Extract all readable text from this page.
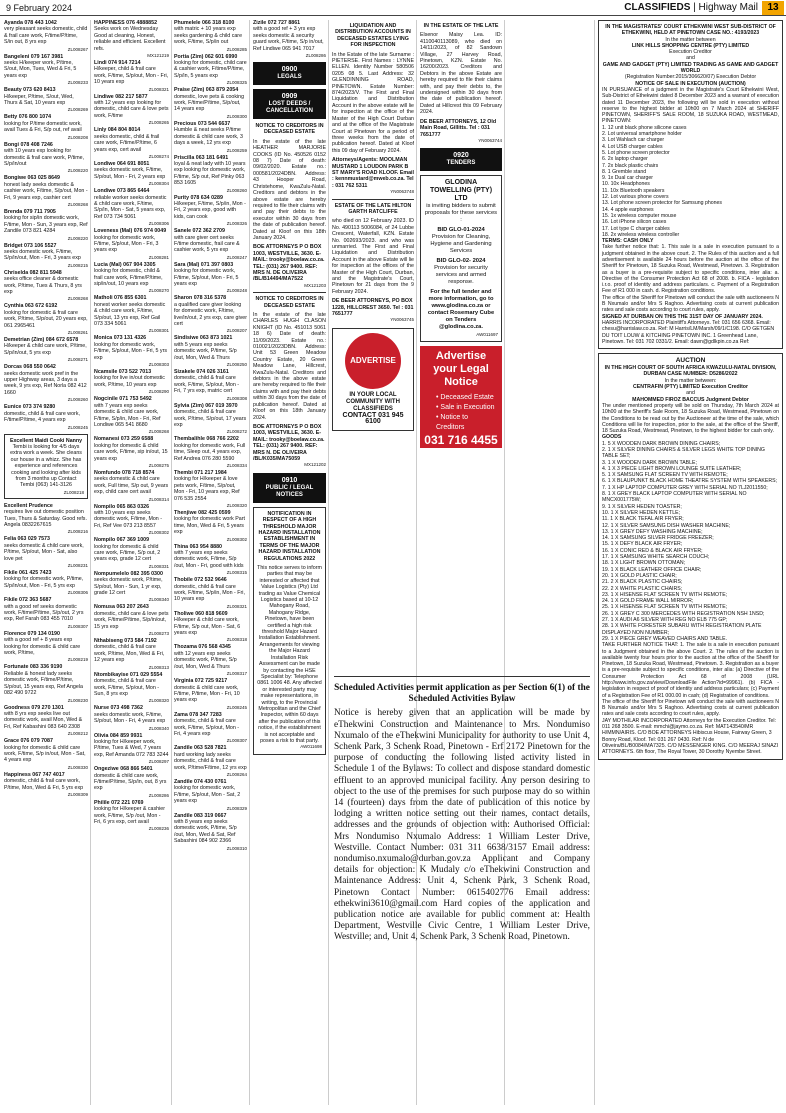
9 February 2024	CLASSIFIEDS | Highway Mail 13
Ayanda 078 443 1042
very pleasant seeks domestic, child & frail care work, F/time/P/time, S/in out, 8 yrs exp
ZL008267
Bangeleni 079 167 3981
seeks H/keeper work, P/time, S/out, Mon, Tues, Wed & Fri, 5 years exp
ZL008233
Beauty 073 620 8413
H/keeper, P/time, S/out, Wed, Thurs & Sat, 10 years exp
ZL008269
Betty 076 800 1074
looking for P/time domestic work, avail Tues & Fri, S/p out, ref avail
ZL008208
Bongi 078 408 7246
with 10 years exp looking for domestic & frail care work, P/time, S/p/in/out
ZL008220
Bongiwe 063 025 8649
honest lady seeks domestic & cashier work, F/time, S/p/out, Mon - Fri, 9 years exp, cashier cert
ZL008268
Brenda 079 711 7905
looking for sip/in domestic work, F/time, Mon - Sun, 3 years exp, Ref Zandile 073 821 4284
ZL008220
Bridget 073 106 5527
seeks domestic work, F/time, S/p/in/out, Mon - Fri, 3 years exp
ZL008215
Chriselda 082 811 5948
seeks office cleaner & domestic work, P/time, Tues & Thurs, 8 yrs exp
ZL008268
Cynthia 063 672 6192
looking for domestic & frail care work, P/time, S/p/out, 20 years exp, 061 2965461
ZL008261
Demetrian (Zim) 084 672 6578
H/keeper & child care work, P/time, S/p/in/out, 5 yrs exp
ZL008271
Dorcas 068 550 0642
seeks domestic work pref in the upper Highway areas, 3 days a week, 9 yrs exp, Ref Norla 082 412 1660
ZL008260
Eunice 073 374 9280
domestic, child & frail care work, F/time/P/time, 4 years exp
ZL008245
Excellent Maidi Cooki Nanny
Tembi is looking for 4/5 days extra work a week. She cleans our house in a whizz. She has experience and references cooking and looking after kids from 3 months up Contact Tembi (063) 141-3126
ZL008218
Excellent Prudence
requires live out domestic position Tues, Thurs & Saturday. Good refs. Angela 0832267615
ZL008216
Felia 063 029 7573
seeks domestic & child care work, P/time, S/p/out, Mon - Sat, also love pet
ZL008231
Fikile 061 425 7423
looking for domestic work, P/time, S/p/in/out, Mon - Fri, 5 yrs exp
ZL008306
Fikile 072 363 5687
with a good ref seeks domestic work, F/time/P/time, S/p/out, 2 yrs exp, Ref Farah 083 455 7010
ZL008307
Florence 079 134 0190
with a good ref + 8 years exp looking for domestic & child care work, P/time,
ZL008219
Fortunate 083 336 9190
Reliable & honest lady seeks domestic work, F/time/P/time, S/p/out, 15 years exp, Ref Angela 082 490 9722
ZL008230
Goodness 079 270 1301
with 8 yrs exp seeks live out domestic work, avail Mon, Wed & Fri, Ref Kabashini 083 640 2308
ZL008212
Grace 076 079 7087
looking for domestic & child care work, F/time, S/p in/out, Mon - Sat, 4 years exp
ZL008330
Happiness 067 747 4017
domestic, child & frail care work, P/time, Mon, Wed & Fri, 5 yrs exp
ZL008309
HAPPINESS 076 4888852
Seeks work on Wednesday Good at cleaning, Honest, reliable and efficient. Excellent refs.
MX121219
Lindi 074 914 7214
H/keeper, child & frail care work, F/time, S/p/out, Mon - Fri, 10 years exp
ZL008321
Lindiwe 082 217 5877
with 12 years exp looking for domestic, child care & love pets work, F/time
ZL008265
Linly 084 804 8014
seeks domestic, child & frail care work, F/time/P/time, 6 years exp, cert avail
ZL008274
Londiwe 064 691 8051
seeks domestic work, F/time, S/p/out, Mon - Fri, 2 years exp
ZL008304
Londiwe 073 865 6464
reliable worker seeks domestic & child care work, F/time, S/p/in, Mon - Sat, 5 years exp, Ref 073 734 5061
ZL008306
Loveness (Mal) 076 974 0049
looking for domestic work, F/time, S/p/out, Mon - Fri, 3 years exp
ZL008281
Lucia (Mal) 067 904 3305
looking for domestic, child & frail care work, F/time/P/time, sip/in/out, 10 years exp
ZL008270
Matholi 076 855 6301
honest worker seeks domestic & child care work, F/time, S/p/out, 13 yrs exp, Ref Gail 073 334 5061
ZL008301
Monica 073 131 4326
looking for domestic work, F/time, S/p/out, Mon - Fri, 5 yrs exp
ZL008303
Ncamsile 073 522 7013
looking for live in/out domestic work, P/time, 10 years exp
ZL008290
Nogcinile 071 753 5492
with 7 years exp seeks domestic & child care work, F/time, S/p/in, Mon - Fri, Ref Londiwe 065 541 8680
ZL008268
Nomanesi 073 259 6588
looking for domestic & child care work, F/time, sip in/out, 15 years exp
ZL008275
Nomfundo 078 718 8574
seeks domestic & child care work, Full time, S/p out, 9 years exp, child care cert avail
ZL008314
Nompilo 065 863 0326
with 10 years exp seeks domestic work, F/time, Mon - Fri, Ref Vee 073 213 8557
ZL008302
Nompilo 067 369 1009
looking for domestic & child care work, F/time, S/p out, 2 years exp, grade 12 cert
ZL008331
Nompumelelo 082 395 0300
seeks domestic work, P/time, S/p/out, Mon - Sun, 1 yr exp, grade 12 cert
ZL008340
Nomusa 063 207 2643
domestic, child care & love pets work, F/time/P/time, S/p/in/out, 15 yrs exp
ZL008273
Nthabiseng 073 584 7192
domestic, child & frail care work, P/time, Mon, Wed & Fri, 12 years exp
ZL008313
Ntombikayise 071 029 5554
domestic, child & frail care work, F/time, S/p/out, Mon - Sun, 8 yrs exp
ZL008320
Nurse 073 498 7362
seeks domestic work, F/time, S/p/out, Mon - Fri, 4 years exp
ZL008340
Olivia 084 859 9931
looking for H/keeper work, P/time, Tues & Wed, 7 years exp, Ref Amanda 072 783 3244
ZL008297
Ongeziwe 068 866 5401
domestic & child care work, F/time/P/time, S/p/in, out, 8 yrs exp
ZL008286
Philile 072 221 0769
looking for H/keeper & cashier work, F/time, S/p /out, Mon - Fri, 6 yrs exp, cert avail
ZL008236
Phumelele 066 318 8100
with matric + 10 years exp seeks gardening & child care work, F/time, S/p/in out
ZL008285
Portia (Zim) 062 601 6990
looking for domestic, child care & cashier work, F/time/P/time, S/p/in, 5 years exp
ZL008325
Praise (Zim) 063 879 2054
domestic, love pets & cooking work, F/time/P/time, S/p/out, 14 years exp
ZL008300
Precious 073 544 6637
Humble & neat seeks P/time domestic & child care work, 3 days a week, 12 yrs exp
ZL008259
Priscilla 063 181 6491
loyal & neat lady with 10 years exp looking for domestic work, F/time, S/p out, Ref Pinky 063 853 1605
ZL008260
Purity 078 634 0289
H/keeper, F/time, S/p/in, Mon - Fri, 2 years exp, good with kids, can cook
ZL008326
Sanele 072 362 2709
with care giver cert seeks F/time domestic, frail care & cashier work, 5 yrs exp
ZL008247
Sara (Mal) 071 397 0803
looking for domestic work, F/time, S/p/out, Mon - Fri, 5 years exp
ZL008248
Sharon 078 316 5378
a qualified care giver looking for domestic work, F/time, live/in/out, 2 yrs exp, care giver cert
ZL008207
Sindisiwe 063 873 1021
with 5 years exp seeks domestic work, P/time, S/p /out, Mon, Wed & Thurs
ZL008250
Sizakele 074 026 3161
domestic, child & frail care work, F/time, S/p/out, Mon - Fri, 7 yrs exp, matric cert
ZL008308
Sylvia (Zim) 067 019 3970
domestic, child & frail care work, P/time, S/p/out, 17 years exp
ZL008272
Thembalihle 068 766 2202
looking for domestic work, Full time, Sleep out, 4 years exp, Ref Andrea 076 280 5590
ZL008334
Thembi 071 217 1984
looking for H/keeper & love pets work, F/time, S/p/out, Mon - Fri, 10 years exp, Ref 076 535 2554
ZL008320
Thenjiwe 082 425 0599
looking for domestic work Part time, Mon, Wed & Fri, 5 years exp
ZL008302
Thina 063 954 8880
with 7 years exp seeks domestic work, F/time, S/p /out, Mon - Fri, good with kids
ZL008315
Thobile 072 532 9646
domestic, child & frail care work, F/time, S/p/in, Mon - Fri, 10 years exp
ZL008321
Tholiwe 060 818 9609
H/keeper & child care work, F/time, S/p out, Mon - Sat, 6 years exp
ZL008318
Thozama 076 568 4345
with 12 years exp seeks domestic work, P/time, S/p /out, Mon, Wed & Thurs
ZL008317
Virginia 072 725 9217
domestic & child care work, F/time, P/time, Mon - Fri, 10 years exp
ZL008245
Zama 078 347 7283
domestic, child & frail care work, F/time, S/p/out, Mon - Fri, 4 years exp
ZL008307
Zandile 063 528 7821
hard working lady seeks domestic, child & frail care work, P/time/F/time, 12 yrs exp
ZL008264
Zandile 074 430 0761
looking for domestic work, F/time, S/p/out, Mon - Sat, 2 years exp
ZL008329
Zandile 083 319 0667
with 8 years exp seeks domestic work, P/time, S/p /out, Mon, Wed & Sat, Ref Sabashini 084 902 2366
ZL008310
Zizile 072 727 8861
with a good ref + 3 yrs exp seeks domestic & security guard work, F/time, S/p in/out, Ref Lindiwe 065 941 7017
ZL008286
0900
LEGALS
0909
LOST DEEDS / CANCELLATION
NOTICE TO CREDITORS IN DECEASED ESTATE
In the estate of the late HEATHER MARJORIE COOKS (ID No. 450526 0152 08 7) Date of death: 09/02/2020. Estate no.: 000581/2024DBN. Address: 43 Hooper Road, Christehome, KwaZulu-Natal. Creditors and debtors in the above estate are hereby required to file their claims with and pay their debts to the executor within 30 days from the date of publication hereof. Dated at Kloof on this 18th January 2024.
BOE ATTORNEYS P O BOX 1003, WESTVILLE, 3630. E- MAIL: trooky@boelaw.co.za. TEL: (031) 267 9400. REF: MRS N. DE OLIVEIRA /BL/B14494/MA7522
MX121203
NOTICE TO CREDITORS IN DECEASED ESTATE
In the estate of the late CHARLES HUGH CLASON KNIGHT (ID No. 451013 5061 18 6) Date of death: 11/09/2023. Estate no.: 010021/2023DBN. Address: Unit 53 Green Meadow Country Estate, 20 Green Meadow Lane, Hillcrest, KwaZulu-Natal. Creditors and debtors in the above estate are hereby required to file their claims with and pay their debts within 30 days from the date of publication hereof. Dated at Kloof on this 18th January 2024.
BOE ATTORNEYS P O BOX 1003, WESTVILLE, 3630. E- MAIL: trooky@boelaw.co.za. TEL: (031) 267 9400. REF: MRS N. DE OLIVEIRA /BL/K035/MA75059
MX121202
0910
PUBLIC / LEGAL NOTICES
NOTIFICATION IN RESPECT OF A HIGH THRESHOLD MAJOR HAZARD INSTALLATION ESTABLISHMENT IN TERMS OF THE MAJOR HAZARD INSTALLATION REGULATIONS 2022
This notice serves to inform parties that may be interested or affected that Value Logistics (Pty) Ltd trading as Value Chemical Logistics based at 10-12 Mahogany Road, Mahogany Ridge, Pinetown, have been certified a high risk threshold Major Hazard Installation Establishment. Arrangements for viewing the Major Hazard Installation Risk Assessment can be made by contacting the HSE Specialist by: Telephone 0861 1006 48. Any affected or interested party may make representations, in writing, to the Provincial Metropolitan and the Chief Inspector, within 60 days after the publication of this notice, if the establishment is not acceptable and poses a risk to that party.
AW011698
LIQUIDATION AND DISTRIBUTION ACCOUNTS IN DECEASED ESTATES LYING FOR INSPECTION
In the Estate of the late Surname : PIETERSE. First Names : LYNNE ELLEN. Identity Number 580506 0205 08 5. Last Address: 32 GLENDINNING ROAD, PINETOWN. Estate Number: 874/2023/V. The First and Final Liquidation and Distribution Account in the above estate will lie for inspection at the office of the Master of the High Court Durban and at the office of the Magistrate Court at Pinetown for a period of three weeks from the date of publication hereof. Dated at Kloof this 09 day of February 2024.
Attorneys/Agents: MOOLMAN MUSTARD 1 LOUDON PARK B ST MARY'S ROAD KLOOF. Email : kennmustard@mweb.co.za. Tel : 031 762 5311
YN0063748
ESTATE OF THE LATE HILTON GARTH RATCLIFFE
who died on 12 February 2023. ID No. 490113 5006084, of 24 Lubbe Crescent, Waterfall, KZN. Estate No. 002693/2023. and who was unmarried. The First and Final Liquidation and Distribution Account in the above Estate will lie for inspection at the offices of the Master of the High Court, Durban, and the Magistrate's Court, Pinetown for 21 days from the 9 February 2024.
DE BEER ATTORNEYS, PO BOX 1228, HILLCREST 3650. Tel : 031 7651777
YN0063745
ADVERTISE
IN YOUR LOCAL COMMUNITY WITH CLASSIFIEDS
CONTACT 031 945 6100
IN THE ESTATE OF THE LATE
Elsenor Maisy Lea. ID: 4110040113089, who died on 14/11/2023, of 82 Sandown Village, 27 Harvey Road, Pinetown, KZN. Estate No. 16200/2023. Creditors and Debtors in the above Estate are hereby required to file their claims with, and pay their debts to, the undersigned within 30 days from the date of publication hereof. Dated at Hillcrest this 09 February 2024.
DE BEER ATTORNEYS, 12 Old Main Road, Gillitts. Tel : 031 7651777
YN0063744
0920
TENDERS
GLODINA TOWELLING (PTY) LTD
is inviting bidders to submit proposals for these services :
BID GLO-01-2024
Provision for Cleaning, Hygiene and Gardening Services
BID GLO-02- 2024
Provision for security services and armed response.
For the full tender and more information, go to www.glodina.co.za or contact Rosemary Cube on Tenders @glodina.co.za.
AW011697
Advertise your Legal Notice
• Deceased Estate
• Sale in Execution
• Notice to Creditors
031 716 4455
Scheduled Activities permit application as per Section 6(1) of the Scheduled Activities Bylaw
Notice is hereby given that an application will be made by eThekwini Construction and Maintenance to Mrs. Nondumiso Nxumalo of the eThekwini Municipality for authority to use Unit 4, Schenk Park, 3 Schenk Road, Pinetown - Erf 2172 Pinetown for the purpose of conducting the following listed activity listed in Schedule 1 of the Bylaws: To collect and dispose standard domestic effluent to an approved municipal facility. Any person desiring to object to the use of the premises for such purpose may do so within 14 (fourteen) days from the date of publication of this notice by lodging a written notice setting out their names, contact details, addresses and the grounds of objection with: Authorised Official: Mrs Nondumiso Nxumalo Address: 1 William Lester Drive, Westville. Contact Number: 031 311 6638/3157 Email address: nondumiso.nxumalo@durban.gov.za Applicant and Company details for objection: K Mudaly c/o eThekwini Construction and Maintenance Address: Unit 4, Schenk Park, 3 Schenk Road, Pinetown Contact Number: 0615402776 Email address: ethekwini3610@gmail.com Hard copies of the application and publication notice are available for public comment at: Health Department, Westville Civic Centre, 1 William Lester Drive, Westville; and, Unit 4, Schenk Park, 3 Schenk Road, Pinetown.
IN THE MAGISTRATES' COURT ETHEKWINI WEST SUB-DISTRICT OF ETHEKWINI, HELD AT PINETOWN CASE NO.: 4193/2023
In the matter between
LINK HILLS SHOPPING CENTRE (PTY) LIMITED
Execution Creditor
and
GAME AND GADGET (PTY) LIMITED TRADING AS GAME AND GADGET WORLD
(Registration Number:2015/306620/07) Execution Debtor
NOTICE OF SALE IN EXECUTION (AUCTION)
IN PURSUANCE of a judgment in the Magistrate's Court Ethekwini West, Sub-District of Ethekwini dated 8 December 2023 and a warrant of execution dated 11 December 2023, the following will be sold in execution without reserve to the highest bidder at 10h00 on 7 March 2024 at SHERIFF PINETOWN, SHERIFF'S SALE ROOM, 18 SUZUKA ROAD, WESTMEAD, PINETOWN:
1. 12 unit black phone silicone cases
2. Lot universal smartphone holder
3. Lot Wahlach car charger
4. Lot USB charger cables
5. Lot phone screen protector
6. 2x laptop charger
7. 2x black plastic chairs
8. 1 Gremble stand
9. 1x Dual car charger
10. 10x Headphones
11. 10x Bluetooth speakers
12. Lot various phone covers
13. Lot phone screen protector for Samsung phones
14. 4 apple earphones
15. 1x wireless computer mouse
16. Lot iPhone silicon cases
17. Lot type C charger cables
18. 2x wireless wireless controller
TERMS: CASH ONLY
Take further notice that: 1. This sale is a sale in execution pursuant to a judgment obtained in the above court. 2. The Rules of this auction and a full advertisement is available 24 hours before the auction at the office of the Sheriff for Pinetown, 18 Suzuka Road, Westmead, Pinetown. 3. Registration as a buyer is a pre-requisite subject to specific conditions, inter alia: a. Directive of the Consumer Protection Act 68 of 2008. b. FICA - legislation i.r.o. proof of identity and address particulars. c. Payment of a Registration Fee of R1 000 in cash. d. Registration conditions.
The office of the Sheriff for Pinetown will conduct the sale with auctioneers N B Nxumalo and/or Mrs S Raghoo. Advertising costs at current publication rates and sale costs according to court rules, apply.
SIGNED AT DURBAN ON THIS THE 31ST DAY OF JANUARY 2024.
HARRIS INCORPORATED Plaintiff's Attorneys. Tel: 031 656 6368. Email: chesu@harrislaw.co.za. Ref: M Harris/LM/Marsh/09/1/C198. C/O GETGEN DU TOIT LOUW & KITCHING PINETOWN INC. 1 Greenhead Lane, Pinetown. Tel: 031 702 0331/2. Email: dawn@gdlkpin.co.za Ref:
AUCTION
IN THE HIGH COURT OF SOUTH AFRICA KWAZULU-NATAL DIVISION, DURBAN CASE NUMBER: D5286/2022
In the matter between:
CENTRAFIN (PTY) LIMITED Execution Creditor
and
MAHOMMED FIROZ BACCUS Judgment Debtor
The under mentioned property will be sold on Thursday, 7th March 2024 at 10h00 at the Sheriff's Sale Room, 18 Suzuka Road, Westmead, Pinetown on the Conditions to be read out by the Auctioneer at the time of the sale, which Conditions will lie for inspection, prior to the sale, at the office of the Sheriff, 18 Suzuka Road, Westmead, Pinetown, to the highest bidder for cash only.
GOODS
1. 5 X WOODEN DARK BROWN DINING CHAIRS;
2. 1 X SILVER DINING CHAIRS & SILVER LEGS WHITE TOP DINING TABLE SET;
3. 1 X WOODEN DARK BROWN TABLE;
4. 1 X 3 PIECE LIGHT BROWN LOUNGE SUITE LEATHER;
5. 1 X SAMSUNG FLAT SCREEN TV WITH REMOTE;
6. 1 X BLAUPUNKT BLACK HOME THEATRE SYSTEM WITH SPEAKERS;
7. 1 X HP LAPTOP COMPUTER GREY WITH SERIAL NO 7LJ2011550;
8. 1 X GREY BLACK LAPTOP COMPUTER WITH SERIAL NO MNCX001775W;
9. 1 X SILVER HEDEN TOASTER;
10. 1 X SILVER HEDEN KETTLE;
11. 1 X BLACK TEFAL AIR FRYER;
12. 1 X SILVER SAMSUNG DISH WASHER MACHINE;
13. 1 X GREY DEFY WASHING MACHINE;
14. 1 X SAMSUNG SILVER FRIDGE FREEZER;
15. 1 X DEFY BLACK AIR FRYER;
16. 1 X CONIC RED & BLACK AIR FRYER;
17. 1 X SAMSUNG WHITE SEARCH COUCH;
18. 1 X LIGHT BROWN OTTOMAN;
19. 1 X BLACK LEATHER OFFICE CHAIR;
20. 1 X GOLD PLASTIC CHAIR;
21. 2 X BLACK PLASTIC CHAIRS;
22. 2 X WHITE PLASTIC CHAIRS;
23. 1 X HISENSE FLAT SCREEN TV WITH REMOTE;
24. 1 X GOLD FRAME WALL MIRROR;
25. 1 X HISENSE FLAT SCREEN TV WITH REMOTE;
26. 1 X GREY C 300 MERCEDES WITH REGISTRATION NSH 1NSD;
27. 1 X AUDI A6 SILVER WITH REG NO ELB 775 GP;
28. 1 X WHITE FORESTER SUBARU WITH REGISTRATION PLATE DISPLAYED NON NUMBER;
29. 1 X PIECE GREY WEAVED CHAIRS AND TABLE.
TAKE FURTHER NOTICE THAT: 1. The sale is a sale in execution pursuant to a Judgment obtained in the above Court. 2. The rules of the auction is available twenty four hours prior to the auction at the office of the Sheriff for Pinetown, 18 Suzuka Road, Westmead, Pinetown. 3. Registration as a buyer is a pre-requisite subject to specific conditions, inter alia: (a) Directive of the Consumer Protection Act 68 of 2008 (URL http://www.info.gov.za/view/DownloadFile Action?id=99961). (b) FICA - legislation in respect of proof of identity and address particulars; (c) Payment of a Registration Fee of R1 000.00 in cash; (d) Registration of conditions.
The office of the Sheriff for Pinetown will conduct the sale with auctioneers N B Nxumalo and/or Mrs S Raghoo. Advertising costs at current publication rates and sale costs according to court rules, apply.
JAY MOTHILAR INCORPORATED Attorneys for the Execution Creditor. Tel: 011 268 3500. E-mail: mmchi@jaymo.co.za. Ref: MAT143540/MR H/MMN/AIRIS. C/O BOE ATTORNEYS Hibiscus House, Fairway Green, 3 Bonny Road, Kloof. Tel: 031 267 0430. Ref: N de Oliveira/BL/B0084/MA7325. C/O MESSENGER KING. C/O MEERAJ SINAZI ATTORNEYS. 6th floor, The Royal Tower, 30 Dorothy Nyembe Street.
